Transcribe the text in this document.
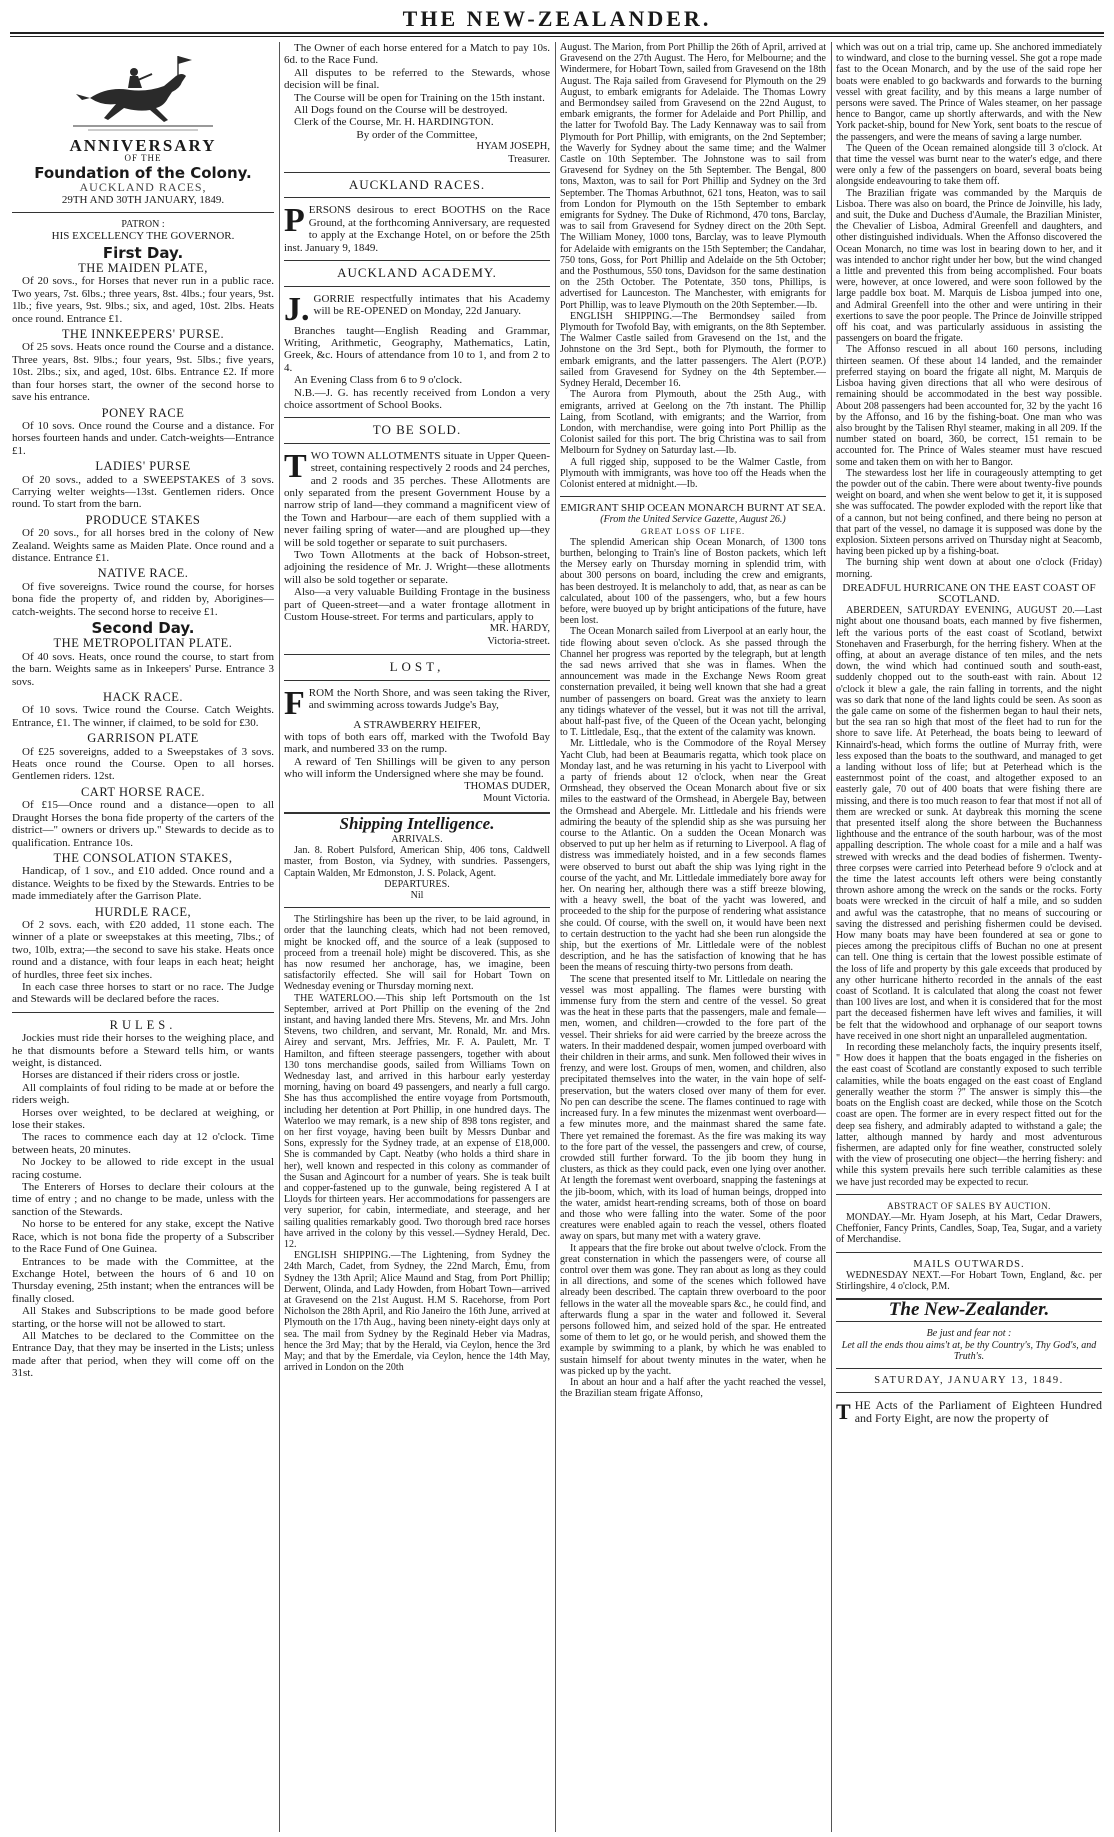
THE NEW-ZEALANDER.
ANNIVERSARY
OF THE
Foundation of the Colony.
AUCKLAND RACES,
29TH AND 30TH JANUARY, 1849.
PATRON :
HIS EXCELLENCY THE GOVERNOR.
First Day.
THE MAIDEN PLATE,

Of 20 sovs., for Horses that never run in a public race. Two years, 7st. 6lbs.; three years, 8st. 4lbs.; four years, 9st. 1lb.; five years, 9st. 9lbs.; six, and aged, 10st. 2lbs. Heats once round. Entrance £1.

THE INNKEEPERS' PURSE.

Of 25 sovs. Heats once round the Course and a distance. Three years, 8st. 9lbs.; four years, 9st. 5lbs.; five years, 10st. 2lbs.; six, and aged, 10st. 6lbs. Entrance £2. If more than four horses start, the owner of the second horse to save his entrance.

PONEY RACE

Of 10 sovs. Once round the Course and a distance. For horses fourteen hands and under. Catch-weights—Entrance £1.

LADIES' PURSE

Of 20 sovs., added to a SWEEPSTAKES of 3 sovs. Carrying welter weights—13st. Gentlemen riders. Once round. To start from the barn.

PRODUCE STAKES

Of 20 sovs., for all horses bred in the colony of New Zealand. Weights same as Maiden Plate. Once round and a distance. Entrance £1.

NATIVE RACE.

Of five sovereigns. Twice round the course, for horses bona fide the property of, and ridden by, Aborigines—catch-weights. The second horse to receive £1.

Second Day.
THE METROPOLITAN PLATE.

Of 40 sovs. Heats, once round the course, to start from the barn. Weights same as in Inkeepers' Purse. Entrance 3 sovs.

HACK RACE.

Of 10 sovs. Twice round the Course. Catch Weights. Entrance, £1. The winner, if claimed, to be sold for £30.

GARRISON PLATE

Of £25 sovereigns, added to a Sweepstakes of 3 sovs. Heats once round the Course. Open to all horses. Gentlemen riders. 12st.

CART HORSE RACE.

Of £15—Once round and a distance—open to all Draught Horses the bona fide property of the carters of the district—" owners or drivers up." Stewards to decide as to qualification. Entrance 10s.

THE CONSOLATION STAKES,

Handicap, of 1 sov., and £10 added. Once round and a distance. Weights to be fixed by the Stewards. Entries to be made immediately after the Garrison Plate.

HURDLE RACE,

Of 2 sovs. each, with £20 added, 11 stone each. The winner of a plate or sweepstakes at this meeting, 7lbs.; of two, 10lb, extra;—the second to save his stake. Heats once round and a distance, with four leaps in each heat; height of hurdles, three feet six inches.

In each case three horses to start or no race. The Judge and Stewards will be declared before the races.

RULES.

Jockies must ride their horses to the weighing place, and he that dismounts before a Steward tells him, or wants weight, is distanced.

Horses are distanced if their riders cross or jostle.

All complaints of foul riding to be made at or before the riders weigh.

Horses over weighted, to be declared at weighing, or lose their stakes.

The races to commence each day at 12 o'clock. Time between heats, 20 minutes.

No Jockey to be allowed to ride except in the usual racing costume.

The Enterers of Horses to declare their colours at the time of entry ; and no change to be made, unless with the sanction of the Stewards.

No horse to be entered for any stake, except the Native Race, which is not bona fide the property of a Subscriber to the Race Fund of One Guinea.

Entrances to be made with the Committee, at the Exchange Hotel, between the hours of 6 and 10 on Thursday evening, 25th instant; when the entrances will be finally closed.

All Stakes and Subscriptions to be made good before starting, or the horse will not be allowed to start.

All Matches to be declared to the Committee on the Entrance Day, that they may be inserted in the Lists; unless made after that period, when they will come off on the 31st.

The Owner of each horse entered for a Match to pay 10s. 6d. to the Race Fund.

All disputes to be referred to the Stewards, whose decision will be final.

The Course will be open for Training on the 15th instant.

All Dogs found on the Course will be destroyed.

Clerk of the Course, Mr. H. HARDINGTON.

By order of the Committee,
HYAM JOSEPH,
Treasurer.
AUCKLAND RACES.

PERSONS desirous to erect BOOTHS on the Race Ground, at the forthcoming Anniversary, are requested to apply at the Exchange Hotel, on or before the 25th inst. January 9, 1849.

AUCKLAND ACADEMY.

J. GORRIE respectfully intimates that his Academy will be RE-OPENED on Monday, 22d January.

Branches taught—English Reading and Grammar, Writing, Arithmetic, Geography, Mathematics, Latin, Greek, &c. Hours of attendance from 10 to 1, and from 2 to 4.

An Evening Class from 6 to 9 o'clock.

N.B.—J. G. has recently received from London a very choice assortment of School Books.

TO BE SOLD.

TWO TOWN ALLOTMENTS situate in Upper Queen-street, containing respectively 2 roods and 24 perches, and 2 roods and 35 perches. These Allotments are only separated from the present Government House by a narrow strip of land—they command a magnificent view of the Town and Harbour—are each of them supplied with a never failing spring of water—and are ploughed up—they will be sold together or separate to suit purchasers.

Two Town Allotments at the back of Hobson-street, adjoining the residence of Mr. J. Wright—these allotments will also be sold together or separate.

Also—a very valuable Building Frontage in the business part of Queen-street—and a water frontage allotment in Custom House-street. For terms and particulars, apply to

MR. HARDY,
Victoria-street.
LOST,

FROM the North Shore, and was seen taking the River, and swimming across towards Judge's Bay,

A STRAWBERRY HEIFER,

with tops of both ears off, marked with the Twofold Bay mark, and numbered 33 on the rump.

A reward of Ten Shillings will be given to any person who will inform the Undersigned where she may be found.

THOMAS DUDER,
Mount Victoria.
Shipping Intelligence.
ARRIVALS.

Jan. 8. Robert Pulsford, American Ship, 406 tons, Caldwell master, from Boston, via Sydney, with sundries. Passengers, Captain Walden, Mr Edmonston, J. S. Polack, Agent.

DEPARTURES.
Nil

The Stirlingshire has been up the river, to be laid aground, in order that the launching cleats, which had not been removed, might be knocked off, and the source of a leak (supposed to proceed from a treenail hole) might be discovered. This, as she has now resumed her anchorage, has, we imagine, been satisfactorily effected. She will sail for Hobart Town on Wednesday evening or Thursday morning next.

THE WATERLOO.—This ship left Portsmouth on the 1st September, arrived at Port Phillip on the evening of the 2nd instant, and having landed there Mrs. Stevens, Mr. and Mrs. John Stevens, two children, and servant, Mr. Ronald, Mr. and Mrs. Airey and servant, Mrs. Jeffries, Mr. F. A. Paulett, Mr. T Hamilton, and fifteen steerage passengers, together with about 130 tons merchandise goods, sailed from Williams Town on Wednesday last, and arrived in this harbour early yesterday morning, having on board 49 passengers, and nearly a full cargo. She has thus accomplished the entire voyage from Portsmouth, including her detention at Port Phillip, in one hundred days. The Waterloo we may remark, is a new ship of 898 tons register, and on her first voyage, having been built by Messrs Dunbar and Sons, expressly for the Sydney trade, at an expense of £18,000. She is commanded by Capt. Neatby (who holds a third share in her), well known and respected in this colony as commander of the Susan and Agincourt for a number of years. She is teak built and copper-fastened up to the gunwale, being registered A I at Lloyds for thirteen years. Her accommodations for passengers are very superior, for cabin, intermediate, and steerage, and her sailing qualities remarkably good. Two thorough bred race horses have arrived in the colony by this vessel.—Sydney Herald, Dec. 12.

ENGLISH SHIPPING.—The Lightening, from Sydney the 24th March, Cadet, from Sydney, the 22nd March, Emu, from Sydney the 13th April; Alice Maund and Stag, from Port Phillip; Derwent, Olinda, and Lady Howden, from Hobart Town—arrived at Gravesend on the 21st August. H.M S. Racehorse, from Port Nicholson the 28th April, and Rio Janeiro the 16th June, arrived at Plymouth on the 17th Aug., having been ninety-eight days only at sea. The mail from Sydney by the Reginald Heber via Madras, hence the 3rd May; that by the Herald, via Ceylon, hence the 3rd May; and that by the Emerdale, via Ceylon, hence the 14th May, arrived in London on the 20th

August. The Marion, from Port Phillip the 26th of April, arrived at Gravesend on the 27th August. The Hero, for Melbourne; and the Windermere, for Hobart Town, sailed from Gravesend on the 18th August. The Raja sailed from Gravesend for Plymouth on the 29 August, to embark emigrants for Adelaide. The Thomas Lowry and Bermondsey sailed from Gravesend on the 22nd August, to embark emigrants, the former for Adelaide and Port Phillip, and the latter for Twofold Bay. The Lady Kennaway was to sail from Plymouth for Port Phillip, with emigrants, on the 2nd September; the Waverly for Sydney about the same time; and the Walmer Castle on 10th September. The Johnstone was to sail from Gravesend for Sydney on the 5th September. The Bengal, 800 tons, Maxton, was to sail for Port Phillip and Sydney on the 3rd September. The Thomas Arbuthnot, 621 tons, Heaton, was to sail from London for Plymouth on the 15th September to embark emigrants for Sydney. The Duke of Richmond, 470 tons, Barclay, was to sail from Gravesend for Sydney direct on the 20th Sept. The William Money, 1000 tons, Barclay, was to leave Plymouth for Adelaide with emigrants on the 15th September; the Candahar, 750 tons, Goss, for Port Phillip and Adelaide on the 5th October; and the Posthumous, 550 tons, Davidson for the same destination on the 25th October. The Potentate, 350 tons, Phillips, is advertised for Launceston. The Manchester, with emigrants for Port Phillip, was to leave Plymouth on the 20th September.—Ib.

ENGLISH SHIPPING.—The Bermondsey sailed from Plymouth for Twofold Bay, with emigrants, on the 8th September. The Walmer Castle sailed from Gravesend on the 1st, and the Johnstone on the 3rd Sept., both for Plymouth, the former to embark emigrants, and the latter passengers. The Alert (P.O'P.) sailed from Gravesend for Sydney on the 4th September.—Sydney Herald, December 16.

The Aurora from Plymouth, about the 25th Aug., with emigrants, arrived at Geelong on the 7th instant. The Phillip Laing, from Scotland, with emigrants; and the Warrior, from London, with merchandise, were going into Port Phillip as the Colonist sailed for this port. The brig Christina was to sail from Melbourn for Sydney on Saturday last.—Ib.

A full rigged ship, supposed to be the Walmer Castle, from Plymouth with immigrants, was hove too off the Heads when the Colonist entered at midnight.—Ib.

EMIGRANT SHIP OCEAN MONARCH BURNT AT SEA.
(From the United Service Gazette, August 26.)
GREAT LOSS OF LIFE.

The splendid American ship Ocean Monarch, of 1300 tons burthen, belonging to Train's line of Boston packets, which left the Mersey early on Thursday morning in splendid trim, with about 300 persons on board, including the crew and emigrants, has been destroyed. It is melancholy to add, that, as near as can be calculated, about 100 of the passengers, who, but a few hours before, were buoyed up by bright anticipations of the future, have been lost.

The Ocean Monarch sailed from Liverpool at an early hour, the tide flowing about seven o'clock. As she passed through the Channel her progress was reported by the telegraph, but at length the sad news arrived that she was in flames. When the announcement was made in the Exchange News Room great consternation prevailed, it being well known that she had a great number of passengers on board. Great was the anxiety to learn any tidings whatever of the vessel, but it was not till the arrival, about half-past five, of the Queen of the Ocean yacht, belonging to T. Littledale, Esq., that the extent of the calamity was known.

Mr. Littledale, who is the Commodore of the Royal Mersey Yacht Club, had been at Beaumaris regatta, which took place on Monday last, and he was returning in his yacht to Liverpool with a party of friends about 12 o'clock, when near the Great Ormshead, they observed the Ocean Monarch about five or six miles to the eastward of the Ormshead, in Abergele Bay, between the Ormshead and Abergele. Mr. Littledale and his friends were admiring the beauty of the splendid ship as she was pursuing her course to the Atlantic. On a sudden the Ocean Monarch was observed to put up her helm as if returning to Liverpool. A flag of distress was immediately hoisted, and in a few seconds flames were observed to burst out abaft the ship was lying right in the course of the yacht, and Mr. Littledale immediately bore away for her. On nearing her, although there was a stiff breeze blowing, with a heavy swell, the boat of the yacht was lowered, and proceeded to the ship for the purpose of rendering what assistance she could. Of course, with the swell on, it would have been next to certain destruction to the yacht had she been run alongside the ship, but the exertions of Mr. Littledale were of the noblest description, and he has the satisfaction of knowing that he has been the means of rescuing thirty-two persons from death.

The scene that presented itself to Mr. Littledale on nearing the vessel was most appalling. The flames were bursting with immense fury from the stern and centre of the vessel. So great was the heat in these parts that the passengers, male and female—men, women, and children—crowded to the fore part of the vessel. Their shrieks for aid were carried by the breeze across the waters. In their maddened despair, women jumped overboard with their children in their arms, and sunk. Men followed their wives in frenzy, and were lost. Groups of men, women, and children, also precipitated themselves into the water, in the vain hope of self-preservation, but the waters closed over many of them for ever. No pen can describe the scene. The flames continued to rage with increased fury. In a few minutes the mizenmast went overboard—a few minutes more, and the mainmast shared the same fate. There yet remained the foremast. As the fire was making its way to the fore part of the vessel, the passengers and crew, of course, crowded still further forward. To the jib boom they hung in clusters, as thick as they could pack, even one lying over another. At length the foremast went overboard, snapping the fastenings at the jib-boom, which, with its load of human beings, dropped into the water, amidst heart-rending screams, both of those on board and those who were falling into the water. Some of the poor creatures were enabled again to reach the vessel, others floated away on spars, but many met with a watery grave.

It appears that the fire broke out about twelve o'clock. From the great consternation in which the passengers were, of course all control over them was gone. They ran about as long as they could in all directions, and some of the scenes which followed have already been described. The captain threw overboard to the poor fellows in the water all the moveable spars &c., he could find, and afterwards flung a spar in the water and followed it. Several persons followed him, and seized hold of the spar. He entreated some of them to let go, or he would perish, and showed them the example by swimming to a plank, by which he was enabled to sustain himself for about twenty minutes in the water, when he was picked up by the yacht.

In about an hour and a half after the yacht reached the vessel, the Brazilian steam frigate Affonso,

which was out on a trial trip, came up. She anchored immediately to windward, and close to the burning vessel. She got a rope made fast to the Ocean Monarch, and by the use of the said rope her boats were enabled to go backwards and forwards to the burning vessel with great facility, and by this means a large number of persons were saved. The Prince of Wales steamer, on her passage hence to Bangor, came up shortly afterwards, and with the New York packet-ship, bound for New York, sent boats to the rescue of the passengers, and were the means of saving a large number.

The Queen of the Ocean remained alongside till 3 o'clock. At that time the vessel was burnt near to the water's edge, and there were only a few of the passengers on board, several boats being alongside endeavouring to take them off.

The Brazilian frigate was commanded by the Marquis de Lisboa. There was also on board, the Prince de Joinville, his lady, and suit, the Duke and Duchess d'Aumale, the Brazilian Minister, the Chevalier of Lisboa, Admiral Greenfell and daughters, and other distinguished individuals. When the Affonso discovered the Ocean Monarch, no time was lost in bearing down to her, and it was intended to anchor right under her bow, but the wind changed a little and prevented this from being accomplished. Four boats were, however, at once lowered, and were soon followed by the large paddle box boat. M. Marquis de Lisboa jumped into one, and Admiral Greenfell into the other and were untiring in their exertions to save the poor people. The Prince de Joinville stripped off his coat, and was particularly assiduous in assisting the passengers on board the frigate.

The Affonso rescued in all about 160 persons, including thirteen seamen. Of these about 14 landed, and the remainder preferred staying on board the frigate all night, M. Marquis de Lisboa having given directions that all who were desirous of remaining should be accommodated in the best way possible. About 208 passengers had been accounted for, 32 by the yacht 16 by the Affonso, and 16 by the fishing-boat. One man who was also brought by the Talisen Rhyl steamer, making in all 209. If the number stated on board, 360, be correct, 151 remain to be accounted for. The Prince of Wales steamer must have rescued some and taken them on with her to Bangor.

The stewardess lost her life in courageously attempting to get the powder out of the cabin. There were about twenty-five pounds weight on board, and when she went below to get it, it is supposed she was suffocated. The powder exploded with the report like that of a cannon, but not being confined, and there being no person at that part of the vessel, no damage it is supposed was done by the explosion. Sixteen persons arrived on Thursday night at Seacomb, having been picked up by a fishing-boat.

The burning ship went down at about one o'clock (Friday) morning.

DREADFUL HURRICANE ON THE EAST COAST OF SCOTLAND.

ABERDEEN, SATURDAY EVENING, AUGUST 20.—Last night about one thousand boats, each manned by five fishermen, left the various ports of the east coast of Scotland, betwixt Stonehaven and Fraserburgh, for the herring fishery. When at the offing, at about an average distance of ten miles, and the nets down, the wind which had continued south and south-east, suddenly chopped out to the south-east with rain. About 12 o'clock it blew a gale, the rain falling in torrents, and the night was so dark that none of the land lights could be seen. As soon as the gale came on some of the fishermen began to haul their nets, but the sea ran so high that most of the fleet had to run for the shore to save life. At Peterhead, the boats being to leeward of Kinnaird's-head, which forms the outline of Murray frith, were less exposed than the boats to the southward, and managed to get a landing without loss of life; but at Peterhead which is the easternmost point of the coast, and altogether exposed to an easterly gale, 70 out of 400 boats that were fishing there are missing, and there is too much reason to fear that most if not all of them are wrecked or sunk. At daybreak this morning the scene that presented itself along the shore between the Buchanness lighthouse and the entrance of the south harbour, was of the most appalling description. The whole coast for a mile and a half was strewed with wrecks and the dead bodies of fishermen. Twenty-three corpses were carried into Peterhead before 9 o'clock and at the time the latest accounts left others were being constantly thrown ashore among the wreck on the sands or the rocks. Forty boats were wrecked in the circuit of half a mile, and so sudden and awful was the catastrophe, that no means of succouring or saving the distressed and perishing fishermen could be devised. How many boats may have been foundered at sea or gone to pieces among the precipitous cliffs of Buchan no one at present can tell. One thing is certain that the lowest possible estimate of the loss of life and property by this gale exceeds that produced by any other hurricane hitherto recorded in the annals of the east coast of Scotland. It is calculated that along the coast not fewer than 100 lives are lost, and when it is considered that for the most part the deceased fishermen have left wives and families, it will be felt that the widowhood and orphanage of our seaport towns have received in one short night an unparalleled augmentation.

In recording these melancholy facts, the inquiry presents itself, " How does it happen that the boats engaged in the fisheries on the east coast of Scotland are constantly exposed to such terrible calamities, while the boats engaged on the east coast of England generally weather the storm ?" The answer is simply this—the boats on the English coast are decked, while those on the Scotch coast are open. The former are in every respect fitted out for the deep sea fishery, and admirably adapted to withstand a gale; the latter, although manned by hardy and most adventurous fishermen, are adapted only for fine weather, constructed solely with the view of prosecuting one object—the herring fishery: and while this system prevails here such terrible calamities as these we have just recorded may be expected to recur.

ABSTRACT OF SALES BY AUCTION.

MONDAY.—Mr. Hyam Joseph, at his Mart, Cedar Drawers, Cheffonier, Fancy Prints, Candles, Soap, Tea, Sugar, and a variety of Merchandise.

MAILS OUTWARDS.

WEDNESDAY NEXT.—For Hobart Town, England, &c. per Stirlingshire, 4 o'clock, P.M.

The New-Zealander.
Be just and fear not :
Let all the ends thou aims't at, be thy Country's, Thy God's, and Truth's.
SATURDAY, JANUARY 13, 1849.

THE Acts of the Parliament of Eighteen Hundred and Forty Eight, are now the property of
